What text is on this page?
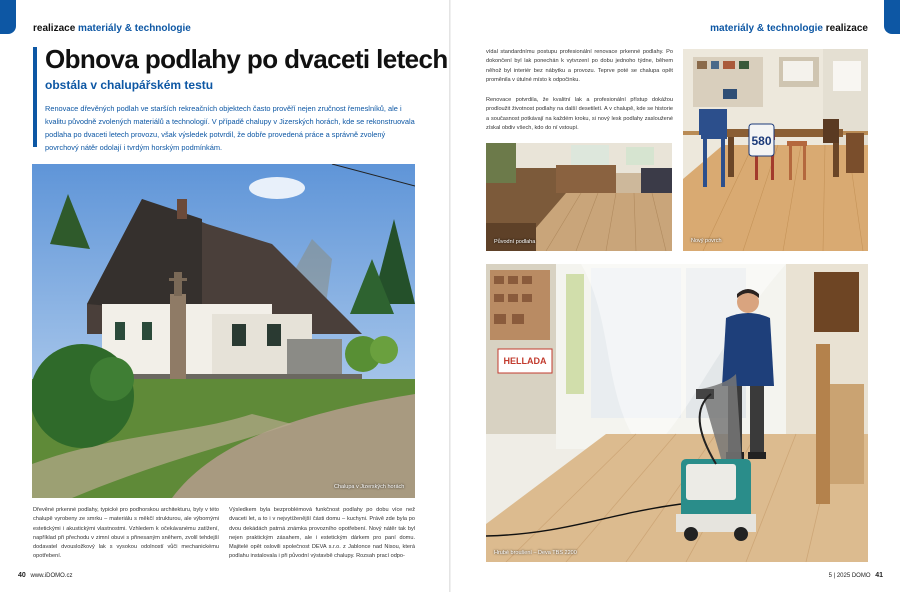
realizace materiály & technologie
Obnova podlahy po dvaceti letech
obstála v chalupářském testu

Renovace dřevěných podlah ve starších rekreačních objektech často prověří nejen zručnost řemeslníků, ale i kvalitu původně zvolených materiálů a technologií. V případě chalupy v Jizerských horách, kde se rekonstruovala podlaha po dvaceti letech provozu, však výsledek potvrdil, že dobře provedená práce a správně zvolený povrchový nátěr odolají i tvrdým horským podmínkám.

Chalupa v Jizerských horách

Dřevěné prkenné podlahy, typické pro podhorskou architekturu, byly v této chalupě vyrobeny ze smrku – materiálu s měkčí strukturou, ale výbornými estetickými i akustickými vlastnostmi. Vzhledem k očekávanému zatížení, například při přechodu v zimní obuvi s přinesaným sněhem, zvolil tehdejší dodavatel dvousložkový lak s vysokou odolností vůči mechanickému opotřebení.

Výsledkem byla bezproblémová funkčnost podlahy po dobu více než dvaceti let, a to i v nejvytíženější části domu – kuchyni. Právě zde byla po dvou dekádách patrná známka provozního opotřebení. Nový nátěr tak byl nejen praktickým zásahem, ale i estetickým dárkem pro paní domu. Majitelé opět oslovili společnost DEVA s.r.o. z Jablonce nad Nisou, která podlahu instalovala i při původní výstavbě chalupy. Rozsah prací odpo-

40 www.iDOMO.cz
materiály & technologie realizace

vídal standardnímu postupu profesionální renovace prkenné podlahy. Po dokončení byl lak ponechán k vytvrzení po dobu jednoho týdne, během něhož byl interiér bez nábytku a provozu. Teprve poté se chalupa opět proměnila v útulné místo k odpočinku.

Renovace potvrdila, že kvalitní lak a profesionální přístup dokážou prodloužit životnost podlahy na další desetiletí. A v chalupě, kde se historie a současnost potkávají na každém kroku, si nový lesk podlahy zasloužené získal obdiv všech, kdo do ní vstoupí.

Původní podlaha
580
Nový povrch
HELLADA
Hrubé broušení – Deva TBS 2200
5 | 2025 DOMO 41
